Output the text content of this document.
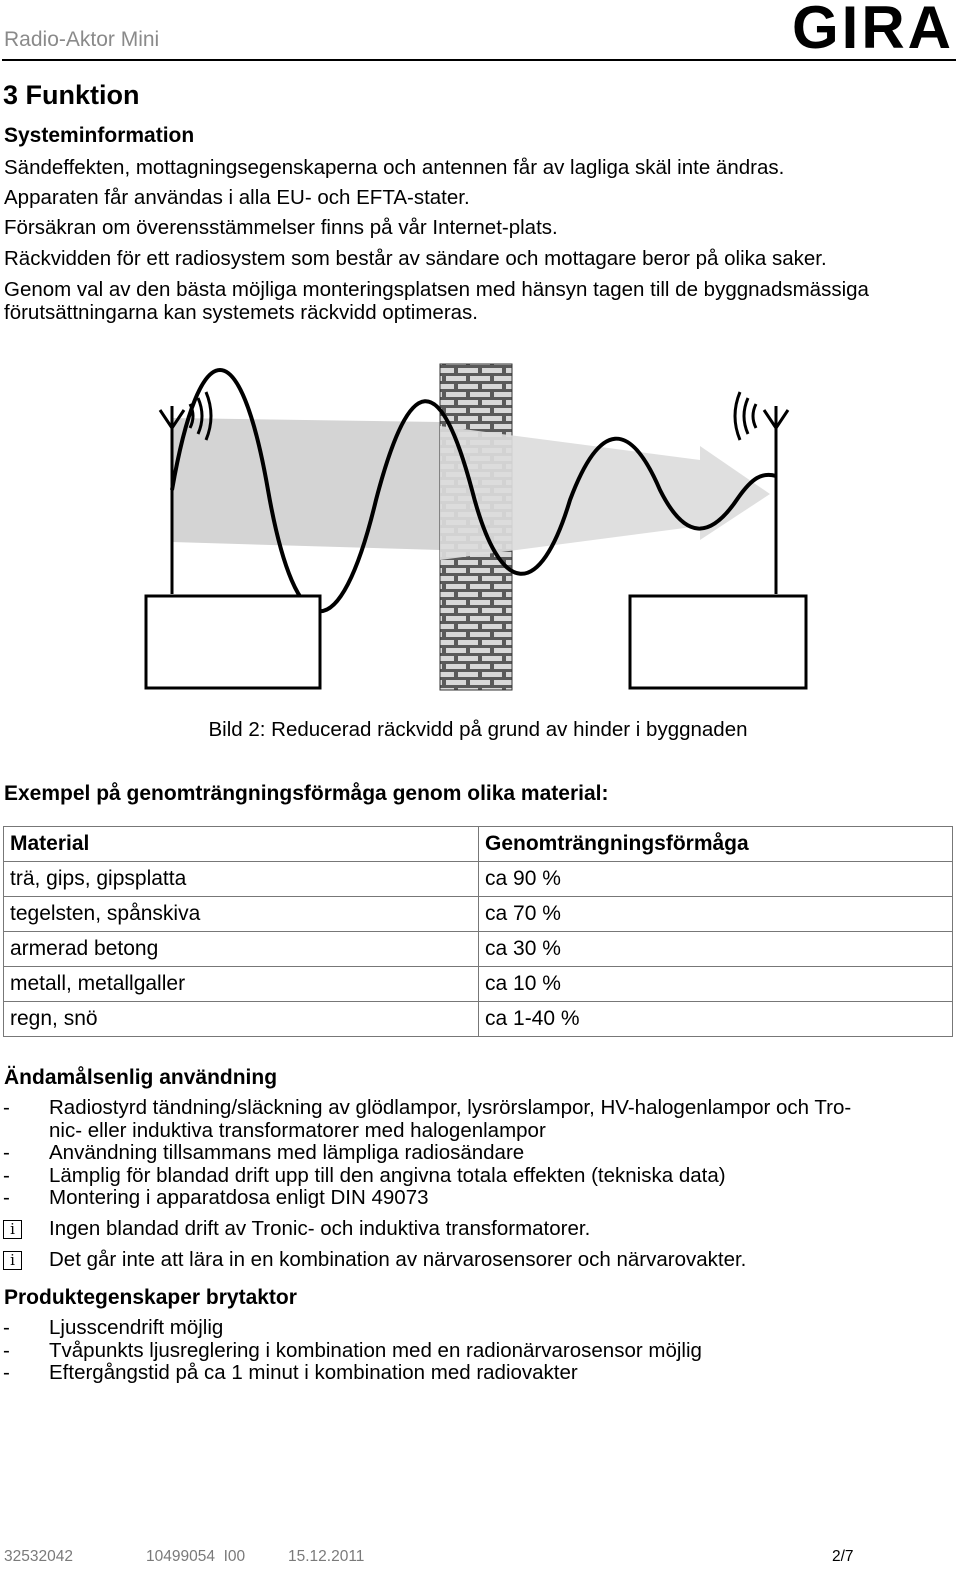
Radio-Aktor Mini	GIRA
3 Funktion
Systeminformation
Sändeffekten, mottagningsegenskaperna och antennen får av lagliga skäl inte ändras.
Apparaten får användas i alla EU- och EFTA-stater.
Försäkran om överensstämmelser finns på vår Internet-plats.
Räckvidden för ett radiosystem som består av sändare och mottagare beror på olika saker.
Genom val av den bästa möjliga monteringsplatsen med hänsyn tagen till de byggnadsmässiga
förutsättningarna kan systemets räckvidd optimeras.
Bild 2: Reducerad räckvidd på grund av hinder i byggnaden
Exempel på genomträngningsförmåga genom olika material:
Material	Genomträngningsförmåga
trä, gips, gipsplatta	ca 90 %
tegelsten, spånskiva	ca 70 %
armerad betong	ca 30 %
metall, metallgaller	ca 10 %
regn, snö	ca 1-40 %
Ändamålsenlig användning
-	Radiostyrd tändning/släckning av glödlampor, lysrörslampor, HV-halogenlampor och Tro-
nic- eller induktiva transformatorer med halogenlampor
-	Användning tillsammans med lämpliga radiosändare
-	Lämplig för blandad drift upp till den angivna totala effekten (tekniska data)
-	Montering i apparatdosa enligt DIN 49073
i	Ingen blandad drift av Tronic- och induktiva transformatorer.
i	Det går inte att lära in en kombination av närvarosensorer och närvarovakter.
Produktegenskaper brytaktor
-	Ljusscendrift möjlig
-	Tvåpunkts ljusreglering i kombination med en radionärvarosensor möjlig
-	Eftergångstid på ca 1 minut i kombination med radiovakter
32532042	10499054  I00	15.12.2011	2/7
